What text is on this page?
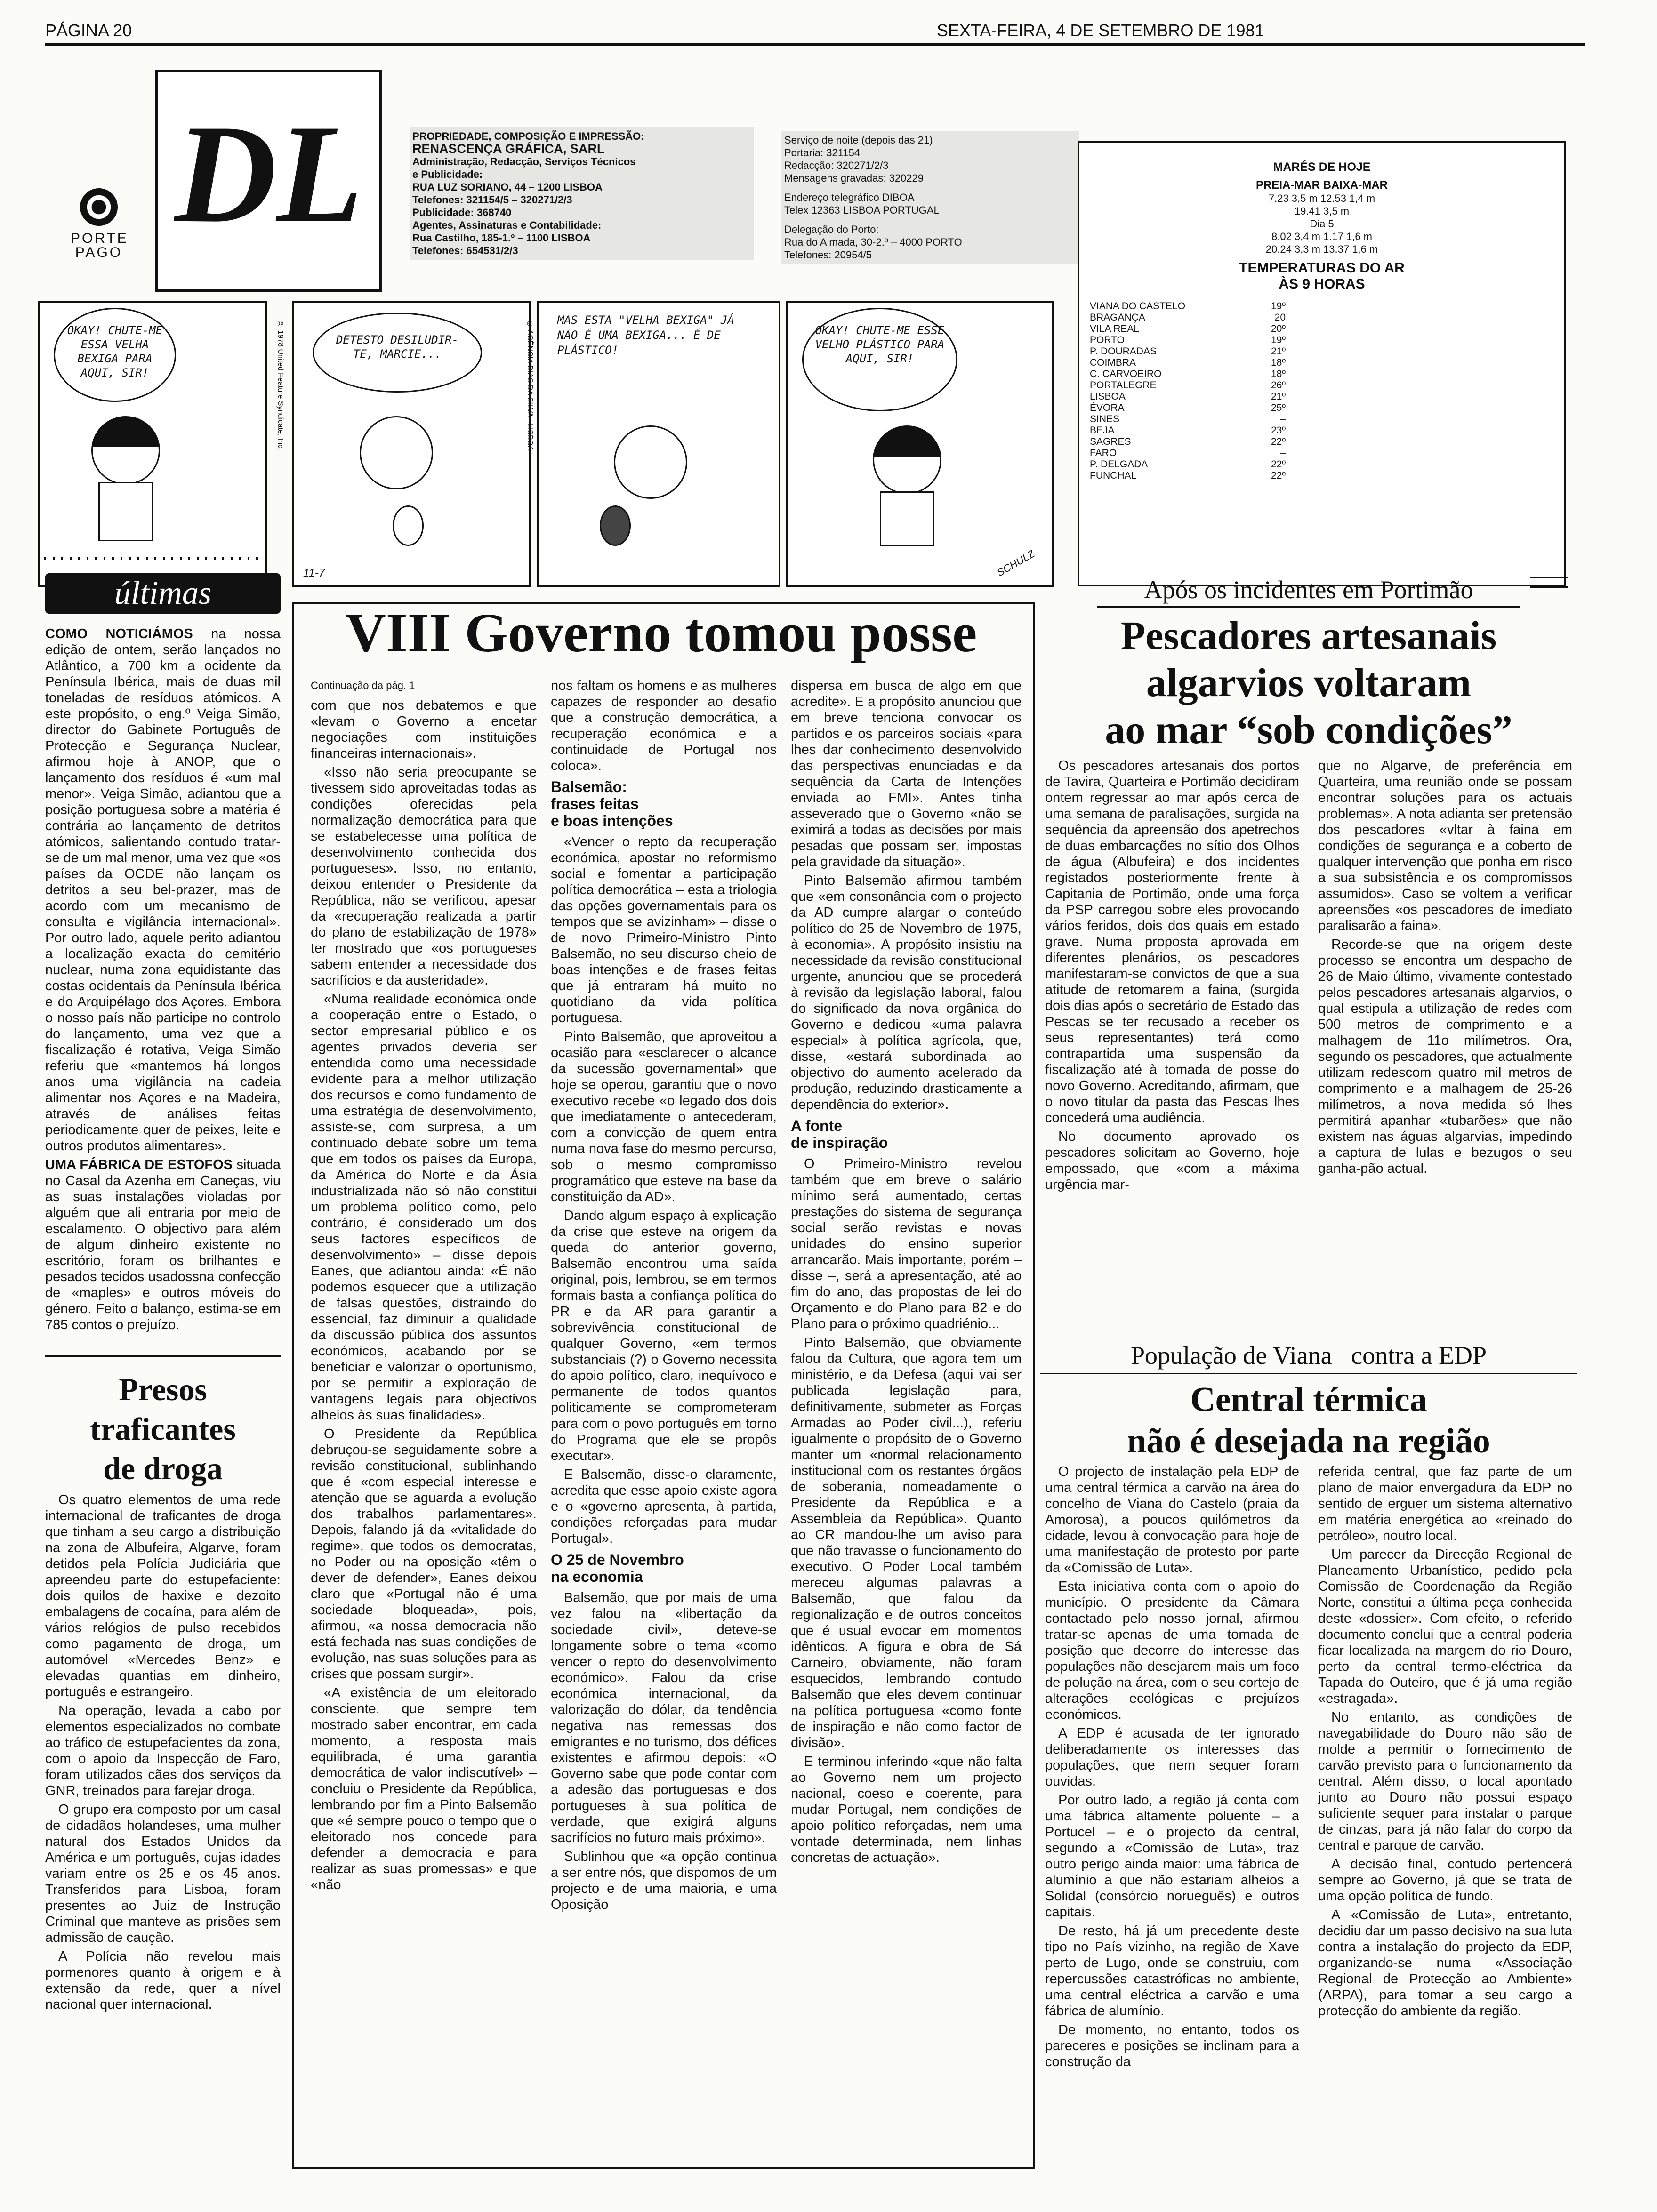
PÁGINA 20	SEXTA-FEIRA, 4 DE SETEMBRO DE 1981
PORTE
PAGO
DL	PROPRIEDADE, COMPOSIÇÃO E IMPRESSÃO:
RENASCENÇA GRÁFICA, SARL
Administração, Redacção, Serviços Técnicos
e Publicidade:
RUA LUZ SORIANO, 44 – 1200 LISBOA
Telefones: 321154/5 – 320271/2/3
Publicidade: 368740
Agentes, Assinaturas e Contabilidade:
Rua Castilho, 185-1.º – 1100 LISBOA
Telefones: 654531/2/3
Serviço de noite (depois das 21)
Portaria: 321154
Redacção: 320271/2/3
Mensagens gravadas: 320229
Endereço telegráfico DIBOA
Telex 12363 LISBOA PORTUGAL
Delegação do Porto:
Rua do Almada, 30-2.º – 4000 PORTO
Telefones: 20954/5
MARÉS DE HOJE
PREIA-MAR BAIXA-MAR
7.23 3,5 m 12.53 1,4 m
19.41 3,5 m
Dia 5
8.02 3,4 m 1.17 1,6 m
20.24 3,3 m 13.37 1,6 m
TEMPERATURAS DO AR
ÀS 9 HORAS
VIANA DO CASTELO	19º
BRAGANÇA	20
VILA REAL	20º
PORTO	19º
P. DOURADAS	21º
COIMBRA	18º
C. CARVOEIRO	18º
PORTALEGRE	26º
LISBOA	21º
ÉVORA	25º
SINES	–
BEJA	23º
SAGRES	22º
FARO	–
P. DELGADA	22º
FUNCHAL	22º
OKAY! CHUTE-ME ESSA VELHA BEXIGA PARA AQUI, SIR!	© 1978 United Feature Syndicate, Inc.	DETESTO DESILUDIR-TE, MARCIE...
11-7
MAS ESTA "VELHA BEXIGA" JÁ NÃO É UMA BEXIGA... É DE PLÁSTICO!
© AGÊNCIA DIAS DA SILVA - LISBOA	OKAY! CHUTE-ME ESSE VELHO PLÁSTICO PARA AQUI, SIR!
SCHULZ
últimas

COMO NOTICIÁMOS na nossa edição de ontem, serão lançados no Atlântico, a 700 km a ocidente da Península Ibérica, mais de duas mil toneladas de resíduos atómicos. A este propósito, o eng.º Veiga Simão, director do Gabinete Português de Protecção e Segurança Nuclear, afirmou hoje à ANOP, que o lançamento dos resíduos é «um mal menor». Veiga Simão, adiantou que a posição portuguesa sobre a matéria é contrária ao lançamento de detritos atómicos, salientando contudo tratar-se de um mal menor, uma vez que «os países da OCDE não lançam os detritos a seu bel-prazer, mas de acordo com um mecanismo de consulta e vigilância internacional». Por outro lado, aquele perito adiantou a localização exacta do cemitério nuclear, numa zona equidistante das costas ocidentais da Península Ibérica e do Arquipélago dos Açores. Embora o nosso país não participe no controlo do lançamento, uma vez que a fiscalização é rotativa, Veiga Simão referiu que «mantemos há longos anos uma vigilância na cadeia alimentar nos Açores e na Madeira, através de análises feitas periodicamente quer de peixes, leite e outros produtos alimentares».

UMA FÁBRICA DE ESTOFOS situada no Casal da Azenha em Caneças, viu as suas instalações violadas por alguém que ali entraria por meio de escalamento. O objectivo para além de algum dinheiro existente no escritório, foram os brilhantes e pesados tecidos usadossna confecção de «maples» e outros móveis do género. Feito o balanço, estima-se em 785 contos o prejuízo.

Presos
traficantes
de droga

Os quatro elementos de uma rede internacional de traficantes de droga que tinham a seu cargo a distribuição na zona de Albufeira, Algarve, foram detidos pela Polícia Judiciária que apreendeu parte do estupefaciente: dois quilos de haxixe e dezoito embalagens de cocaína, para além de vários relógios de pulso recebidos como pagamento de droga, um automóvel «Mercedes Benz» e elevadas quantias em dinheiro, português e estrangeiro.

Na operação, levada a cabo por elementos especializados no combate ao tráfico de estupefacientes da zona, com o apoio da Inspecção de Faro, foram utilizados cães dos serviços da GNR, treinados para farejar droga.

O grupo era composto por um casal de cidadãos holandeses, uma mulher natural dos Estados Unidos da América e um português, cujas idades variam entre os 25 e os 45 anos. Transferidos para Lisboa, foram presentes ao Juiz de Instrução Criminal que manteve as prisões sem admissão de caução.

A Polícia não revelou mais pormenores quanto à origem e à extensão da rede, quer a nível nacional quer internacional.

VIII Governo tomou posse
Continuação da pág. 1

com que nos debatemos e que «levam o Governo a encetar negociações com instituições financeiras internacionais».

«Isso não seria preocupante se tivessem sido aproveitadas todas as condições oferecidas pela normalização democrática para que se estabelecesse uma política de desenvolvimento conhecida dos portugueses». Isso, no entanto, deixou entender o Presidente da República, não se verificou, apesar da «recuperação realizada a partir do plano de estabilização de 1978» ter mostrado que «os portugueses sabem entender a necessidade dos sacrifícios e da austeridade».

«Numa realidade económica onde a cooperação entre o Estado, o sector empresarial público e os agentes privados deveria ser entendida como uma necessidade evidente para a melhor utilização dos recursos e como fundamento de uma estratégia de desenvolvimento, assiste-se, com surpresa, a um continuado debate sobre um tema que em todos os países da Europa, da América do Norte e da Ásia industrializada não só não constitui um problema político como, pelo contrário, é considerado um dos seus factores específicos de desenvolvimento» – disse depois Eanes, que adiantou ainda: «É não podemos esquecer que a utilização de falsas questões, distraindo do essencial, faz diminuir a qualidade da discussão pública dos assuntos económicos, acabando por se beneficiar e valorizar o oportunismo, por se permitir a exploração de vantagens legais para objectivos alheios às suas finalidades».

O Presidente da República debruçou-se seguidamente sobre a revisão constitucional, sublinhando que é «com especial interesse e atenção que se aguarda a evolução dos trabalhos parlamentares». Depois, falando já da «vitalidade do regime», que todos os democratas, no Poder ou na oposição «têm o dever de defender», Eanes deixou claro que «Portugal não é uma sociedade bloqueada», pois, afirmou, «a nossa democracia não está fechada nas suas condições de evolução, nas suas soluções para as crises que possam surgir».

«A existência de um eleitorado consciente, que sempre tem mostrado saber encontrar, em cada momento, a resposta mais equilibrada, é uma garantia democrática de valor indiscutível» – concluiu o Presidente da República, lembrando por fim a Pinto Balsemão que «é sempre pouco o tempo que o eleitorado nos concede para defender a democracia e para realizar as suas promessas» e que «não

nos faltam os homens e as mulheres capazes de responder ao desafio que a construção democrática, a recuperação económica e a continuidade de Portugal nos coloca».

Balsemão:
frases feitas
e boas intenções

«Vencer o repto da recuperação económica, apostar no reformismo social e fomentar a participação política democrática – esta a triologia das opções governamentais para os tempos que se avizinham» – disse o de novo Primeiro-Ministro Pinto Balsemão, no seu discurso cheio de boas intenções e de frases feitas que já entraram há muito no quotidiano da vida política portuguesa.

Pinto Balsemão, que aproveitou a ocasião para «esclarecer o alcance da sucessão governamental» que hoje se operou, garantiu que o novo executivo recebe «o legado dos dois que imediatamente o antecederam, com a convicção de quem entra numa nova fase do mesmo percurso, sob o mesmo compromisso programático que esteve na base da constituição da AD».

Dando algum espaço à explicação da crise que esteve na origem da queda do anterior governo, Balsemão encontrou uma saída original, pois, lembrou, se em termos formais basta a confiança política do PR e da AR para garantir a sobrevivência constitucional de qualquer Governo, «em termos substanciais (?) o Governo necessita do apoio político, claro, inequívoco e permanente de todos quantos politicamente se comprometeram para com o povo português em torno do Programa que ele se propôs executar».

E Balsemão, disse-o claramente, acredita que esse apoio existe agora e o «governo apresenta, à partida, condições reforçadas para mudar Portugal».

O 25 de Novembro
na economia

Balsemão, que por mais de uma vez falou na «libertação da sociedade civil», deteve-se longamente sobre o tema «como vencer o repto do desenvolvimento económico». Falou da crise económica internacional, da valorização do dólar, da tendência negativa nas remessas dos emigrantes e no turismo, dos défices existentes e afirmou depois: «O Governo sabe que pode contar com a adesão das portuguesas e dos portugueses à sua política de verdade, que exigirá alguns sacrifícios no futuro mais próximo».

Sublinhou que «a opção continua a ser entre nós, que dispomos de um projecto e de uma maioria, e uma Oposição

dispersa em busca de algo em que acredite». E a propósito anunciou que em breve tenciona convocar os partidos e os parceiros sociais «para lhes dar conhecimento desenvolvido das perspectivas enunciadas e da sequência da Carta de Intenções enviada ao FMI». Antes tinha asseverado que o Governo «não se eximirá a todas as decisões por mais pesadas que possam ser, impostas pela gravidade da situação».

Pinto Balsemão afirmou também que «em consonância com o projecto da AD cumpre alargar o conteúdo político do 25 de Novembro de 1975, à economia». A propósito insistiu na necessidade da revisão constitucional urgente, anunciou que se procederá à revisão da legislação laboral, falou do significado da nova orgânica do Governo e dedicou «uma palavra especial» à política agrícola, que, disse, «estará subordinada ao objectivo do aumento acelerado da produção, reduzindo drasticamente a dependência do exterior».

A fonte
de inspiração

O Primeiro-Ministro revelou também que em breve o salário mínimo será aumentado, certas prestações do sistema de segurança social serão revistas e novas unidades do ensino superior arrancarão. Mais importante, porém – disse –, será a apresentação, até ao fim do ano, das propostas de lei do Orçamento e do Plano para 82 e do Plano para o próximo quadriénio...

Pinto Balsemão, que obviamente falou da Cultura, que agora tem um ministério, e da Defesa (aqui vai ser publicada legislação para, definitivamente, submeter as Forças Armadas ao Poder civil...), referiu igualmente o propósito de o Governo manter um «normal relacionamento institucional com os restantes órgãos de soberania, nomeadamente o Presidente da República e a Assembleia da República». Quanto ao CR mandou-lhe um aviso para que não travasse o funcionamento do executivo. O Poder Local também mereceu algumas palavras a Balsemão, que falou da regionalização e de outros conceitos que é usual evocar em momentos idênticos. A figura e obra de Sá Carneiro, obviamente, não foram esquecidos, lembrando contudo Balsemão que eles devem continuar na política portuguesa «como fonte de inspiração e não como factor de divisão».

E terminou inferindo «que não falta ao Governo nem um projecto nacional, coeso e coerente, para mudar Portugal, nem condições de apoio político reforçadas, nem uma vontade determinada, nem linhas concretas de actuação».

Após os incidentes em Portimão
Pescadores artesanais
algarvios voltaram
ao mar “sob condições”

Os pescadores artesanais dos portos de Tavira, Quarteira e Portimão decidiram ontem regressar ao mar após cerca de uma semana de paralisações, surgida na sequência da apreensão dos apetrechos de duas embarcações no sítio dos Olhos de água (Albufeira) e dos incidentes registados posteriormente frente à Capitania de Portimão, onde uma força da PSP carregou sobre eles provocando vários feridos, dois dos quais em estado grave. Numa proposta aprovada em diferentes plenários, os pescadores manifestaram-se convictos de que a sua atitude de retomarem a faina, (surgida dois dias após o secretário de Estado das Pescas se ter recusado a receber os seus representantes) terá como contrapartida uma suspensão da fiscalização até à tomada de posse do novo Governo. Acreditando, afirmam, que o novo titular da pasta das Pescas lhes concederá uma audiência.

No documento aprovado os pescadores solicitam ao Governo, hoje empossado, que «com a máxima urgência mar-

que no Algarve, de preferência em Quarteira, uma reunião onde se possam encontrar soluções para os actuais problemas». A nota adianta ser pretensão dos pescadores «vltar à faina em condições de segurança e a coberto de qualquer intervenção que ponha em risco a sua subsistência e os compromissos assumidos». Caso se voltem a verificar apreensões «os pescadores de imediato paralisarão a faina».

Recorde-se que na origem deste processo se encontra um despacho de 26 de Maio último, vivamente contestado pelos pescadores artesanais algarvios, o qual estipula a utilização de redes com 500 metros de comprimento e a malhagem de 11o milímetros. Ora, segundo os pescadores, que actualmente utilizam redescom quatro mil metros de comprimento e a malhagem de 25-26 milímetros, a nova medida só lhes permitirá apanhar «tubarões» que não existem nas águas algarvias, impedindo a captura de lulas e bezugos o seu ganha-pão actual.

População de Viana   contra a EDP
Central térmica
não é desejada na região

O projecto de instalação pela EDP de uma central térmica a carvão na área do concelho de Viana do Castelo (praia da Amorosa), a poucos quilómetros da cidade, levou à convocação para hoje de uma manifestação de protesto por parte da «Comissão de Luta».

Esta iniciativa conta com o apoio do município. O presidente da Câmara contactado pelo nosso jornal, afirmou tratar-se apenas de uma tomada de posição que decorre do interesse das populações não desejarem mais um foco de polução na área, com o seu cortejo de alterações ecológicas e prejuízos económicos.

A EDP é acusada de ter ignorado deliberadamente os interesses das populações, que nem sequer foram ouvidas.

Por outro lado, a região já conta com uma fábrica altamente poluente – a Portucel – e o projecto da central, segundo a «Comissão de Luta», traz outro perigo ainda maior: uma fábrica de alumínio a que não estariam alheios a Solidal (consórcio norueguês) e outros capitais.

De resto, há já um precedente deste tipo no País vizinho, na região de Xave perto de Lugo, onde se construiu, com repercussões catastróficas no ambiente, uma central eléctrica a carvão e uma fábrica de alumínio.

De momento, no entanto, todos os pareceres e posições se inclinam para a construção da

referida central, que faz parte de um plano de maior envergadura da EDP no sentido de erguer um sistema alternativo em matéria energética ao «reinado do petróleo», noutro local.

Um parecer da Direcção Regional de Planeamento Urbanístico, pedido pela Comissão de Coordenação da Região Norte, constitui a última peça conhecida deste «dossier». Com efeito, o referido documento conclui que a central poderia ficar localizada na margem do rio Douro, perto da central termo-eléctrica da Tapada do Outeiro, que é já uma região «estragada».

No entanto, as condições de navegabilidade do Douro não são de molde a permitir o fornecimento de carvão previsto para o funcionamento da central. Além disso, o local apontado junto ao Douro não possui espaço suficiente sequer para instalar o parque de cinzas, para já não falar do corpo da central e parque de carvão.

A decisão final, contudo pertencerá sempre ao Governo, já que se trata de uma opção política de fundo.

A «Comissão de Luta», entretanto, decidiu dar um passo decisivo na sua luta contra a instalação do projecto da EDP, organizando-se numa «Associação Regional de Protecção ao Ambiente» (ARPA), para tomar a seu cargo a protecção do ambiente da região.
